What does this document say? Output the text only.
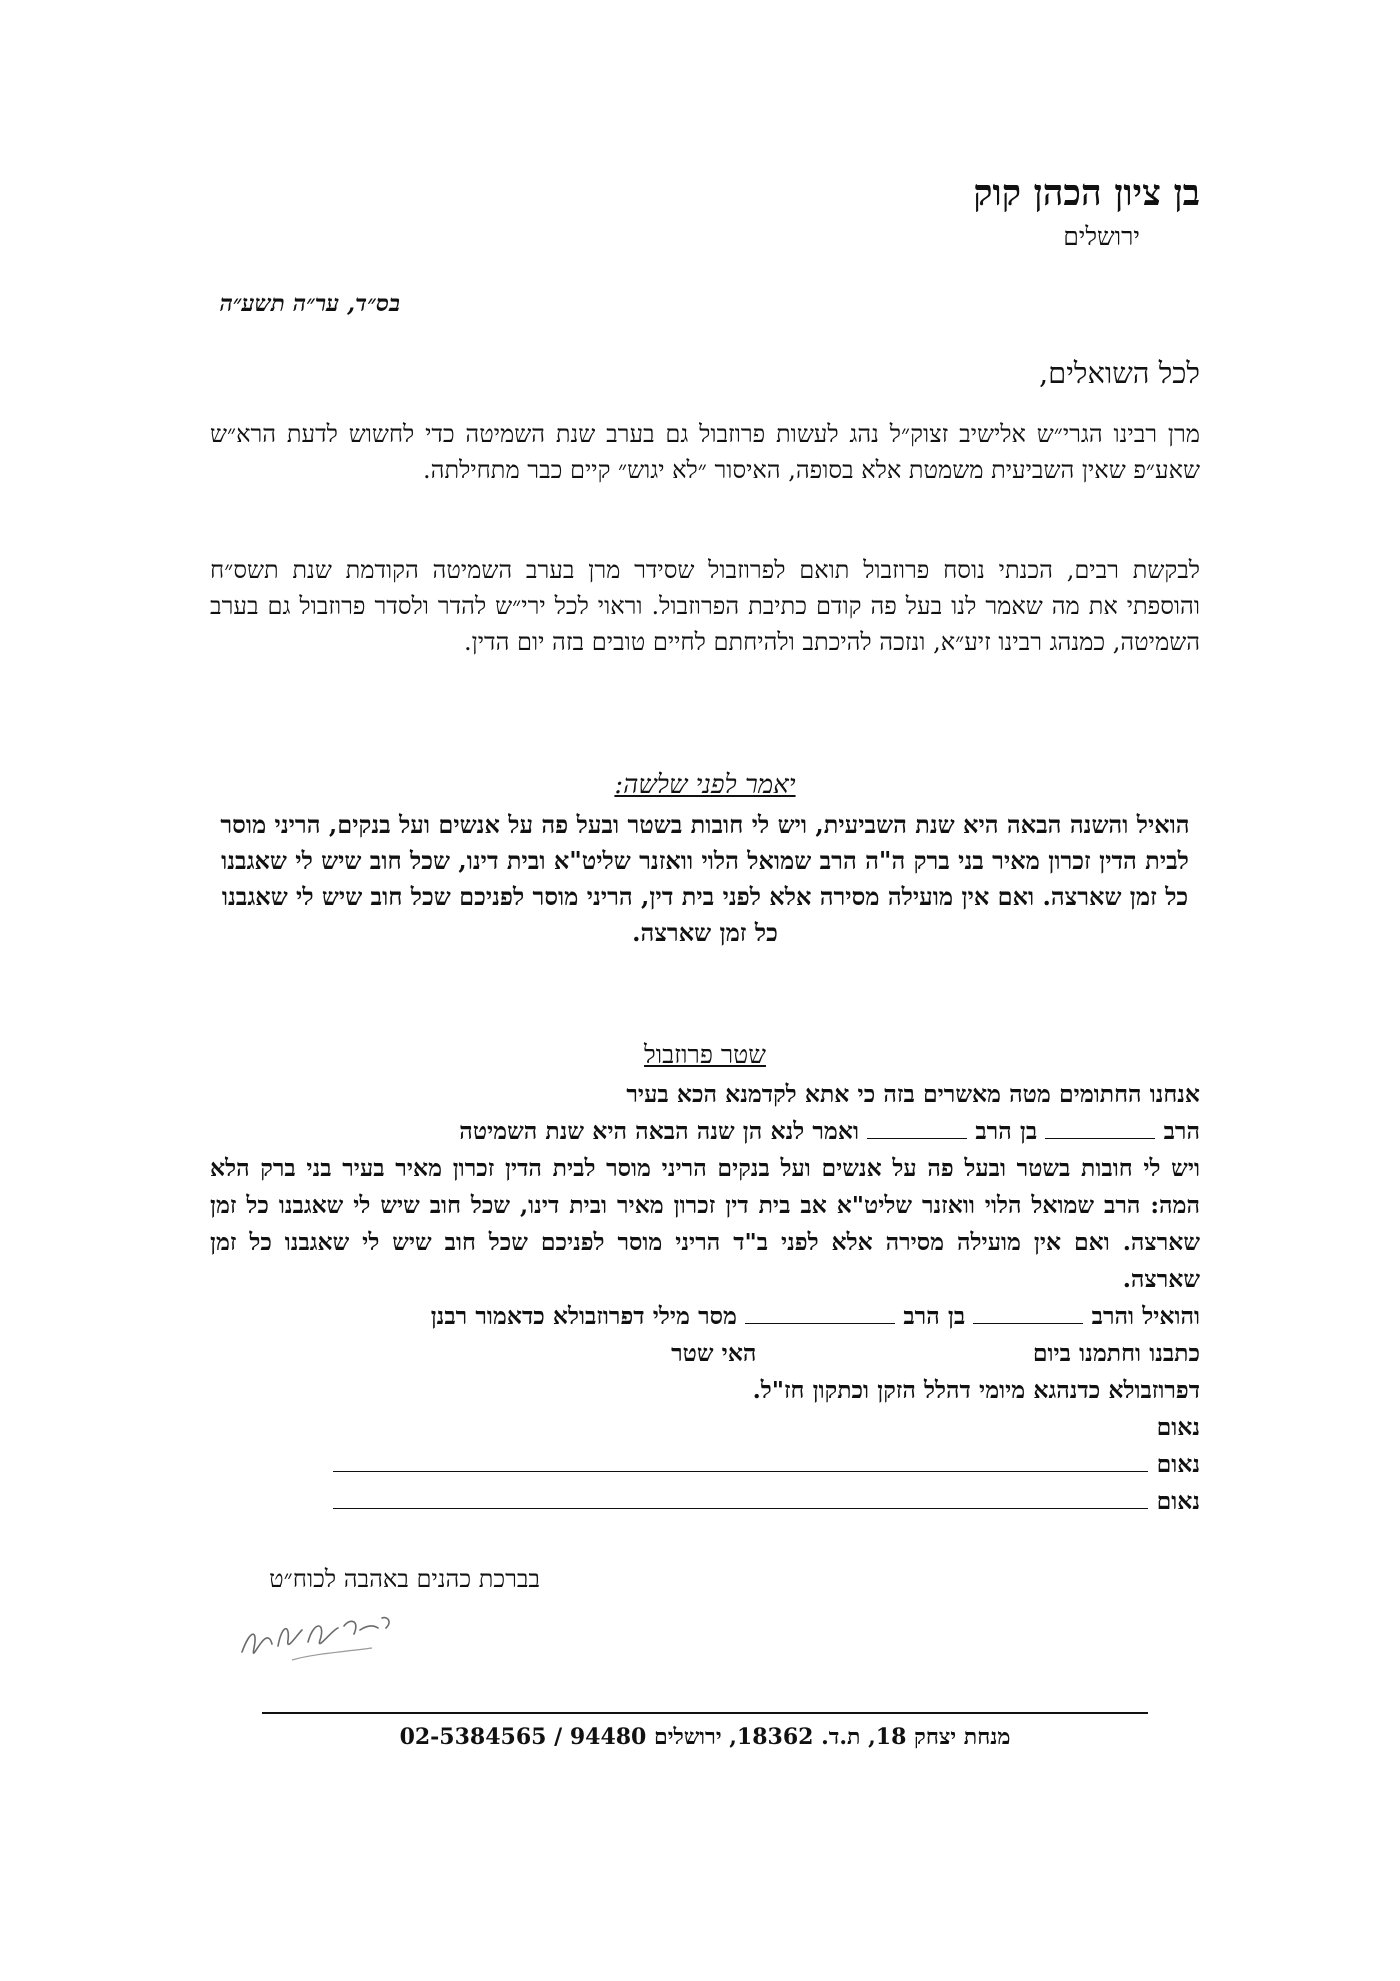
בן ציון הכהן קוק
ירושלים
בס״ד, ער״ה תשע״ה
לכל השואלים,
מרן רבינו הגרי״ש אלישיב זצוק״ל נהג לעשות פרוזבול גם בערב שנת השמיטה כדי לחשוש לדעת הרא״ש שאע״פ שאין השביעית משמטת אלא בסופה, האיסור ״לא יגוש״ קיים כבר מתחילתה.
לבקשת רבים, הכנתי נוסח פרוזבול תואם לפרוזבול שסידר מרן בערב השמיטה הקודמת שנת תשס״ח והוספתי את מה שאמר לנו בעל פה קודם כתיבת הפרוזבול. וראוי לכל ירי״ש להדר ולסדר פרוזבול גם בערב השמיטה, כמנהג רבינו זיע״א, ונזכה להיכתב ולהיחתם לחיים טובים בזה יום הדין.
יאמר לפני שלשה:
הואיל והשנה הבאה היא שנת השביעית, ויש לי חובות בשטר ובעל פה על אנשים ועל בנקים, הריני מוסר לבית הדין זכרון מאיר בני ברק ה"ה הרב שמואל הלוי וואזנר שליט"א ובית דינו, שכל חוב שיש לי שאגבנו כל זמן שארצה. ואם אין מועילה מסירה אלא לפני בית דין, הריני מוסר לפניכם שכל חוב שיש לי שאגבנו כל זמן שארצה.
שטר פרוזבול
אנחנו החתומים מטה מאשרים בזה כי אתא לקדמנא הכא בעיר
הרב  בן הרב  ואמר לנא הן שנה הבאה היא שנת השמיטה
ויש לי חובות בשטר ובעל פה על אנשים ועל בנקים הריני מוסר לבית הדין זכרון מאיר בעיר בני ברק הלא המה: הרב שמואל הלוי וואזנר שליט"א אב בית דין זכרון מאיר ובית דינו, שכל חוב שיש לי שאגבנו כל זמן שארצה. ואם אין מועילה מסירה אלא לפני ב"ד הריני מוסר לפניכם שכל חוב שיש לי שאגבנו כל זמן שארצה.
והואיל והרב  בן הרב  מסר מילי דפרוזבולא כדאמור רבנן
כתבנו וחתמנו ביום  האי שטר
דפרוזבולא כדנהגא מיומי דהלל הזקן וכתקון חז"ל.
נאום
נאום
נאום
בברכת כהנים באהבה לכוח״ט
מנחת יצחק 18, ת.ד. 18362, ירושלים 94480 / 02-5384565
